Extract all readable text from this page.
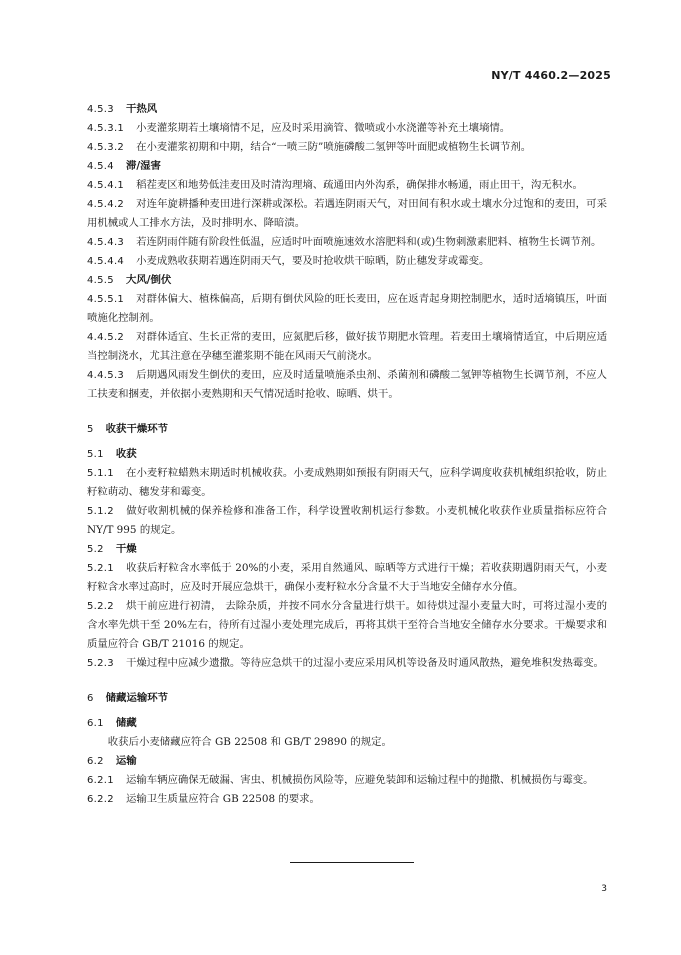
NY/T 4460.2—2025
4.5.3 干热风
4.5.3.1 小麦灌浆期若土壤墒情不足，应及时采用滴管、微喷或小水浇灌等补充土壤墒情。
4.5.3.2 在小麦灌浆初期和中期，结合“一喷三防”喷施磷酸二氢钾等叶面肥或植物生长调节剂。
4.5.4 滞/湿害
4.5.4.1 稻茬麦区和地势低洼麦田及时清沟理墒、疏通田内外沟系，确保排水畅通，雨止田干，沟无积水。
4.5.4.2 对连年旋耕播种麦田进行深耕或深松。若遇连阴雨天气，对田间有积水或土壤水分过饱和的麦田，可采用机械或人工排水方法，及时排明水、降暗渍。
4.5.4.3 若连阴雨伴随有阶段性低温，应适时叶面喷施速效水溶肥料和(或)生物刺激素肥料、植物生长调节剂。
4.5.4.4 小麦成熟收获期若遇连阴雨天气，要及时抢收烘干晾晒，防止穗发芽或霉变。
4.5.5 大风/倒伏
4.5.5.1 对群体偏大、植株偏高，后期有倒伏风险的旺长麦田，应在返青起身期控制肥水，适时适墒镇压，叶面喷施化控制剂。
4.4.5.2 对群体适宜、生长正常的麦田，应氮肥后移，做好拔节期肥水管理。若麦田土壤墒情适宜，中后期应适当控制浇水，尤其注意在孕穗至灌浆期不能在风雨天气前浇水。
4.4.5.3 后期遇风雨发生倒伏的麦田，应及时适量喷施杀虫剂、杀菌剂和磷酸二氢钾等植物生长调节剂，不应人工扶麦和捆麦，并依据小麦熟期和天气情况适时抢收、晾晒、烘干。
5 收获干燥环节
5.1 收获
5.1.1 在小麦籽粒蜡熟末期适时机械收获。小麦成熟期如预报有阴雨天气，应科学调度收获机械组织抢收，防止籽粒萌动、穗发芽和霉变。
5.1.2 做好收割机械的保养检修和准备工作，科学设置收割机运行参数。小麦机械化收获作业质量指标应符合 NY/T 995 的规定。
5.2 干燥
5.2.1 收获后籽粒含水率低于 20%的小麦，采用自然通风、晾晒等方式进行干燥；若收获期遇阴雨天气，小麦籽粒含水率过高时，应及时开展应急烘干，确保小麦籽粒水分含量不大于当地安全储存水分值。
5.2.2 烘干前应进行初清， 去除杂质，并按不同水分含量进行烘干。如待烘过湿小麦量大时，可将过湿小麦的含水率先烘干至 20%左右，待所有过湿小麦处理完成后，再将其烘干至符合当地安全储存水分要求。干燥要求和质量应符合 GB/T 21016 的规定。
5.2.3 干燥过程中应减少遗撒。等待应急烘干的过湿小麦应采用风机等设备及时通风散热，避免堆积发热霉变。
6 储藏运输环节
6.1 储藏
收获后小麦储藏应符合 GB 22508 和 GB/T 29890 的规定。
6.2 运输
6.2.1 运输车辆应确保无破漏、害虫、机械损伤风险等，应避免装卸和运输过程中的抛撒、机械损伤与霉变。
6.2.2 运输卫生质量应符合 GB 22508 的要求。
3
